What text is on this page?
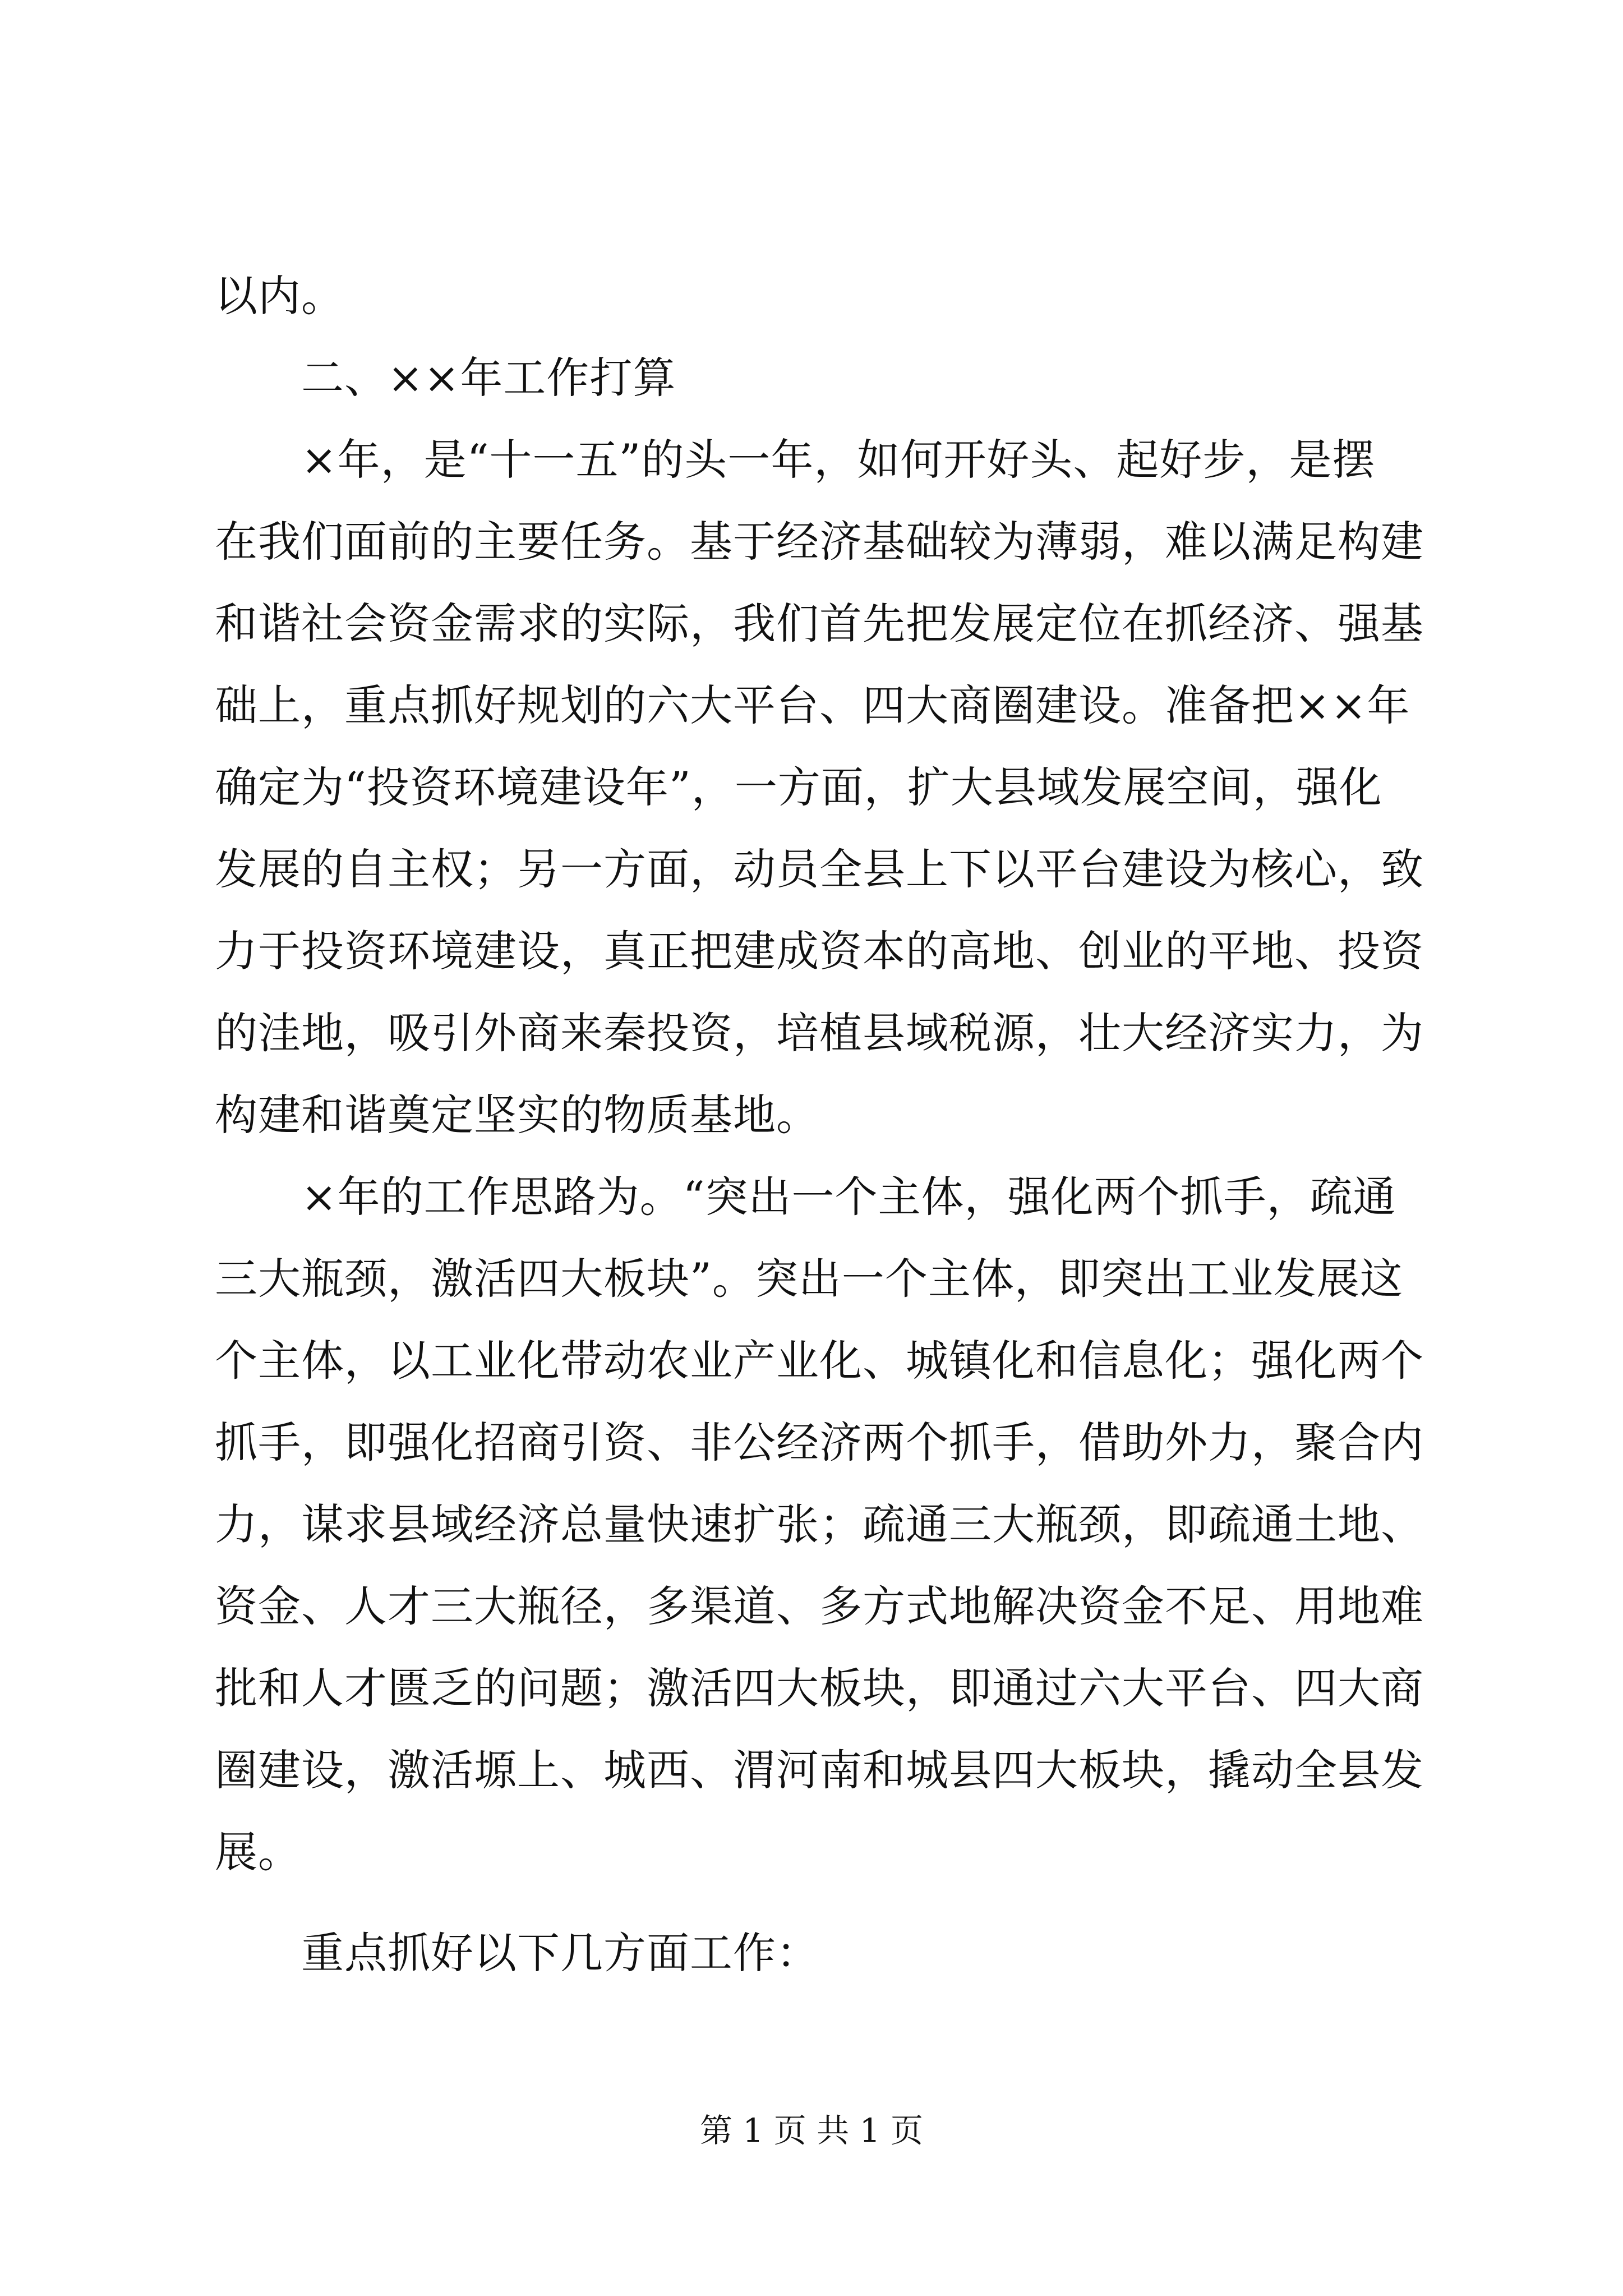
以内。
　　二、××年工作打算
　　×年，是“十一五”的头一年，如何开好头、起好步，是摆
在我们面前的主要任务。基于经济基础较为薄弱，难以满足构建
和谐社会资金需求的实际，我们首先把发展定位在抓经济、强基
础上，重点抓好规划的六大平台、四大商圈建设。准备把××年
确定为“投资环境建设年”，一方面，扩大县域发展空间，强化
发展的自主权；另一方面，动员全县上下以平台建设为核心，致
力于投资环境建设，真正把建成资本的高地、创业的平地、投资
的洼地，吸引外商来秦投资，培植县域税源，壮大经济实力，为
构建和谐奠定坚实的物质基地。
　　×年的工作思路为。“突出一个主体，强化两个抓手，疏通
三大瓶颈，激活四大板块”。突出一个主体，即突出工业发展这
个主体，以工业化带动农业产业化、城镇化和信息化；强化两个
抓手，即强化招商引资、非公经济两个抓手，借助外力，聚合内
力，谋求县域经济总量快速扩张；疏通三大瓶颈，即疏通土地、
资金、人才三大瓶径，多渠道、多方式地解决资金不足、用地难
批和人才匮乏的问题；激活四大板块，即通过六大平台、四大商
圈建设，激活塬上、城西、渭河南和城县四大板块，撬动全县发
展。
　　重点抓好以下几方面工作：
第 1 页 共 1 页
